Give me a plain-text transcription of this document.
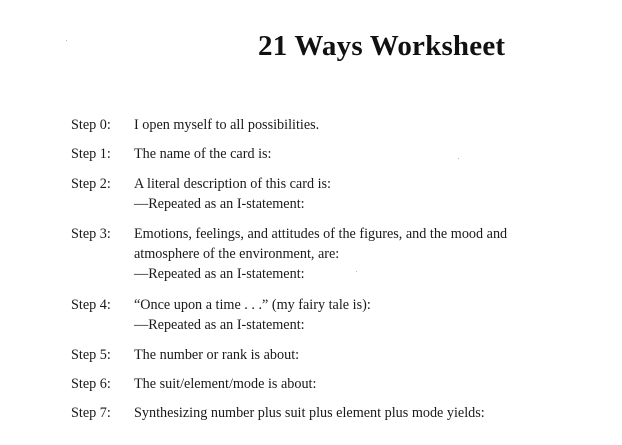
21 Ways Worksheet
Step 0: I open myself to all possibilities.
Step 1: The name of the card is:
Step 2: A literal description of this card is:
—Repeated as an I-statement:
Step 3: Emotions, feelings, and attitudes of the figures, and the mood and
atmosphere of the environment, are:
—Repeated as an I-statement:
Step 4: “Once upon a time . . .” (my fairy tale is):
—Repeated as an I-statement:
Step 5: The number or rank is about:
Step 6: The suit/element/mode is about:
Step 7: Synthesizing number plus suit plus element plus mode yields:
